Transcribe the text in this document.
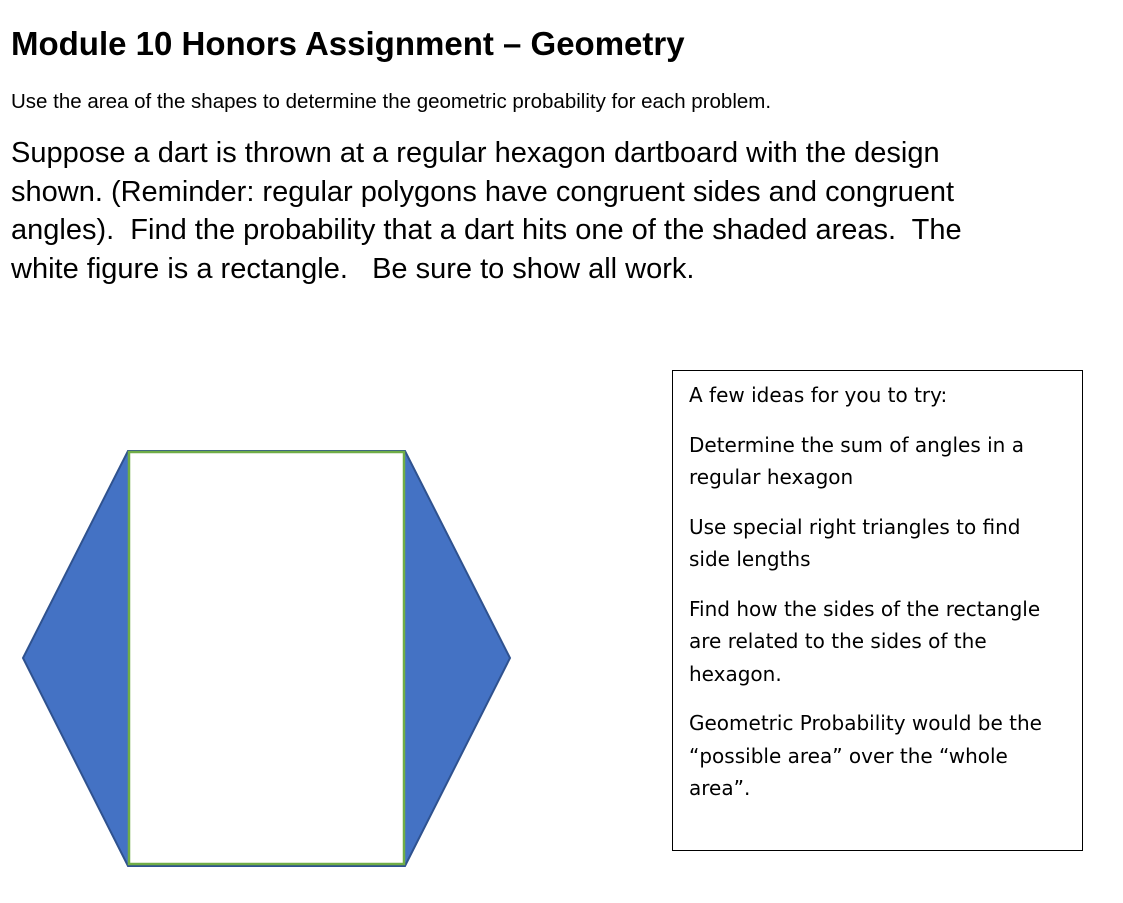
Module 10 Honors Assignment – Geometry

Use the area of the shapes to determine the geometric probability for each problem.

Suppose a dart is thrown at a regular hexagon dartboard with the design
shown. (Reminder: regular polygons have congruent sides and congruent
angles).  Find the probability that a dart hits one of the shaded areas.  The
white figure is a rectangle.   Be sure to show all work.

A few ideas for you to try:

Determine the sum of angles in a regular hexagon

Use special right triangles to find side lengths

Find how the sides of the rectangle are related to the sides of the hexagon.

Geometric Probability would be the “possible area” over the “whole area”.
